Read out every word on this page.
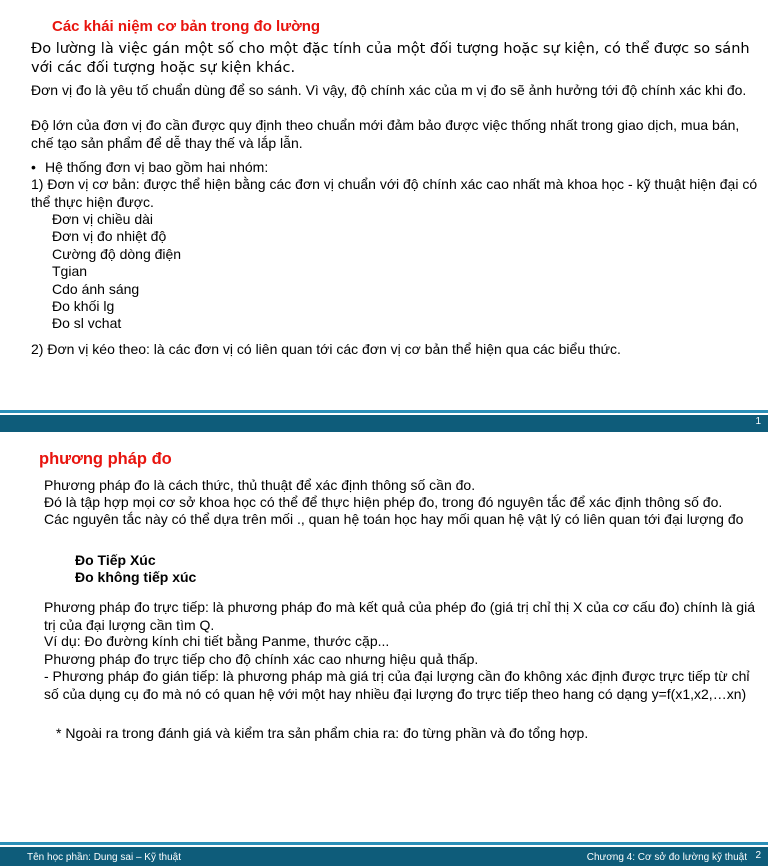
Các khái niệm cơ bản trong đo lường
Đo lường là việc gán một số cho một đặc tính của một đối tượng hoặc sự kiện, có thể được so sánh với các đối tượng hoặc sự kiện khác.
Đơn vị đo là yêu tố chuẩn dùng để so sánh. Vì vậy, độ chính xác của m vị đo sẽ ảnh hưởng tới độ chính xác khi đo.
Độ lớn của đơn vị đo cần được quy định theo chuẩn mới đảm bảo được việc thống nhất trong giao dịch, mua bán, chế tạo sản phẩm để dễ thay thế và lắp lẫn.
• Hệ thống đơn vị bao gồm hai nhóm:
1) Đơn vị cơ bản: được thể hiện bằng các đơn vị chuẩn với độ chính xác cao nhất mà khoa học - kỹ thuật hiện đại có thể thực hiện được.
Đơn vị chiều dài
Đơn vị đo nhiệt độ
Cường độ dòng điện
Tgian
Cdo ánh sáng
Đo khối lg
Đo sl vchat
2) Đơn vị kéo theo: là các đơn vị có liên quan tới các đơn vị cơ bản thể hiện qua các biểu thức.
1
phương pháp đo
Phương pháp đo là cách thức, thủ thuật để xác định thông số cần đo.
Đó là tập hợp mọi cơ sở khoa học có thể để thực hiện phép đo, trong đó nguyên tắc để xác định thông số đo.
Các nguyên tắc này có thể dựa trên mối ., quan hệ toán học hay mối quan hệ vật lý có liên quan tới đại lượng đo
Đo Tiếp Xúc
Đo không tiếp xúc
Phương pháp đo trực tiếp: là phương pháp đo mà kết quả của phép đo (giá trị chỉ thị X của cơ cấu đo) chính là giá trị của đại lượng cần tìm Q.
Ví dụ: Đo đường kính chi tiết bằng Panme, thước cặp...
Phương pháp đo trực tiếp cho độ chính xác cao nhưng hiệu quả thấp.
- Phương pháp đo gián tiếp: là phương pháp mà giá trị của đại lượng cần đo không xác định được trực tiếp từ chỉ số của dụng cụ đo mà nó có quan hệ với một hay nhiều đại lượng đo trực tiếp theo hang có dạng y=f(x1,x2,…xn)
* Ngoài ra trong đánh giá và kiểm tra sản phẩm chia ra: đo từng phần và đo tổng hợp.
Tên học phần: Dung sai – Kỹ thuật	Chương 4: Cơ sở đo lường kỹ thuật 2
